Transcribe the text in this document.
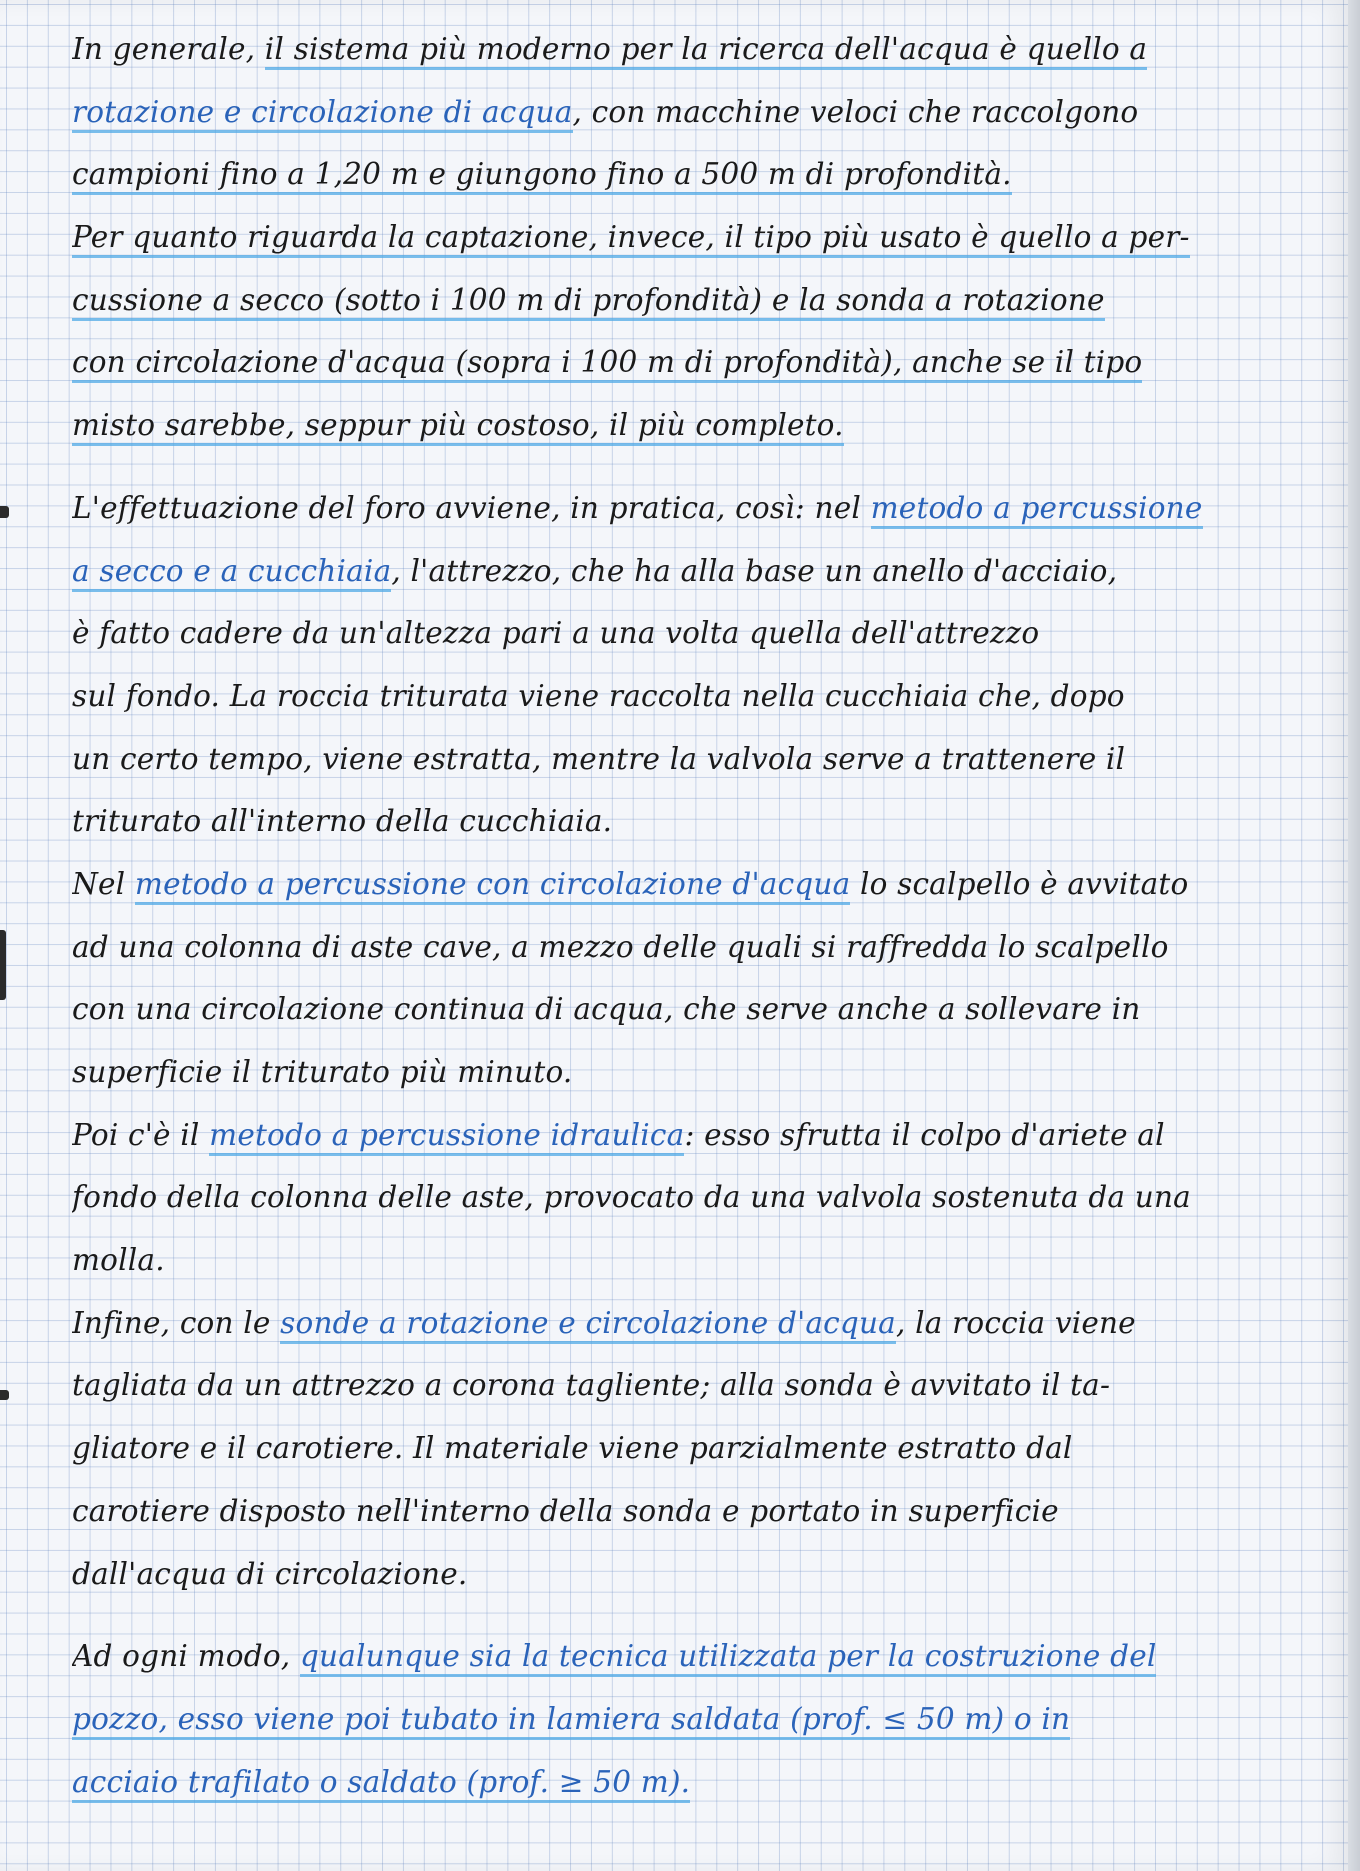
In generale, il sistema più moderno per la ricerca dell'acqua è quello a
rotazione e circolazione di acqua, con macchine veloci che raccolgono
campioni fino a 1,20 m e giungono fino a 500 m di profondità.
Per quanto riguarda la captazione, invece, il tipo più usato è quello a per-
cussione a secco (sotto i 100 m di profondità) e la sonda a rotazione
con circolazione d'acqua (sopra i 100 m di profondità), anche se il tipo
misto sarebbe, seppur più costoso, il più completo.
L'effettuazione del foro avviene, in pratica, così: nel metodo a percussione
a secco e a cucchiaia, l'attrezzo, che ha alla base un anello d'acciaio,
è fatto cadere da un'altezza pari a una volta quella dell'attrezzo
sul fondo. La roccia triturata viene raccolta nella cucchiaia che, dopo
un certo tempo, viene estratta, mentre la valvola serve a trattenere il
triturato all'interno della cucchiaia.
Nel metodo a percussione con circolazione d'acqua lo scalpello è avvitato
ad una colonna di aste cave, a mezzo delle quali si raffredda lo scalpello
con una circolazione continua di acqua, che serve anche a sollevare in
superficie il triturato più minuto.
Poi c'è il metodo a percussione idraulica: esso sfrutta il colpo d'ariete al
fondo della colonna delle aste, provocato da una valvola sostenuta da una
molla.
Infine, con le sonde a rotazione e circolazione d'acqua, la roccia viene
tagliata da un attrezzo a corona tagliente; alla sonda è avvitato il ta-
gliatore e il carotiere. Il materiale viene parzialmente estratto dal
carotiere disposto nell'interno della sonda e portato in superficie
dall'acqua di circolazione.
Ad ogni modo, qualunque sia la tecnica utilizzata per la costruzione del
pozzo, esso viene poi tubato in lamiera saldata (prof. ≤ 50 m) o in
acciaio trafilato o saldato (prof. ≥ 50 m).
